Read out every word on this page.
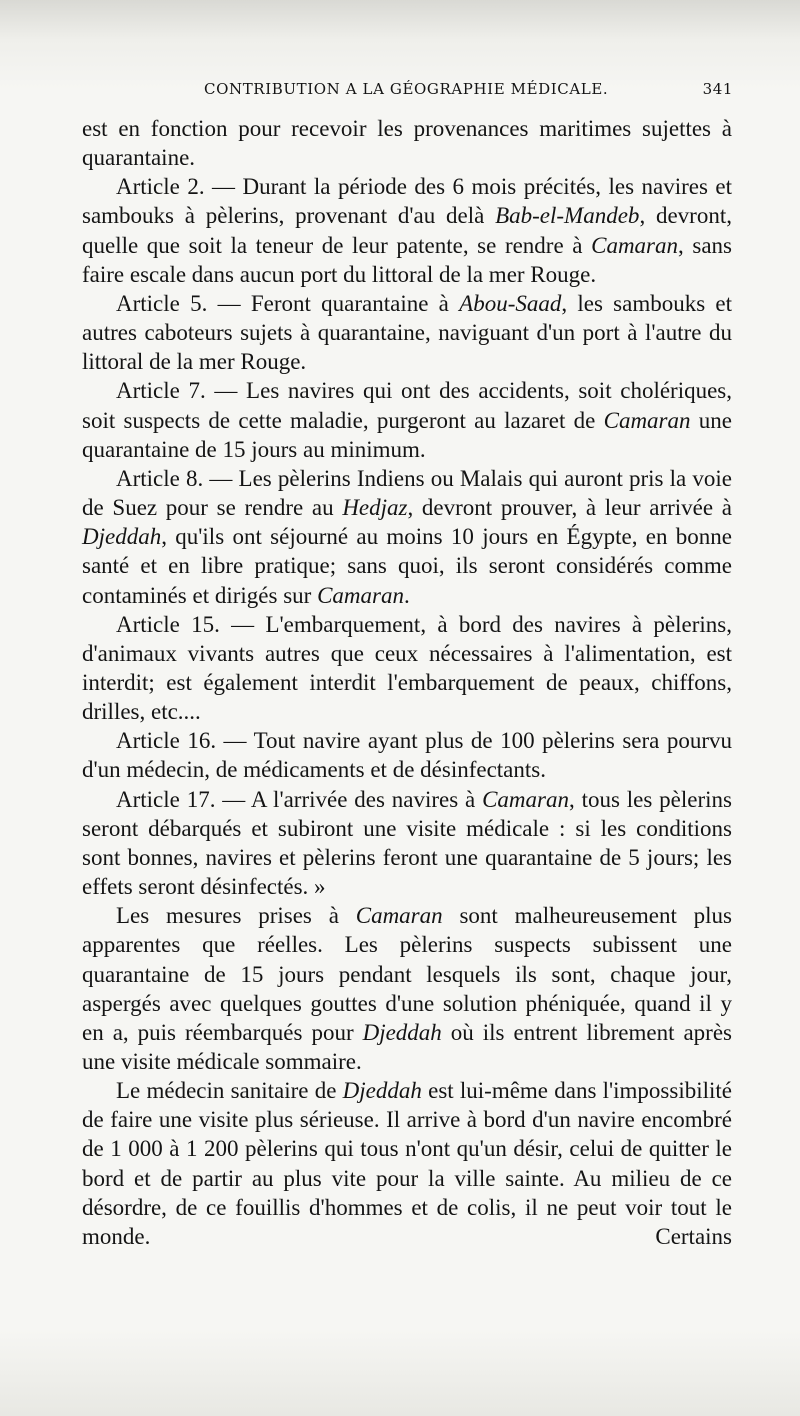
CONTRIBUTION A LA GÉOGRAPHIE MÉDICALE.	341

est en fonction pour recevoir les provenances maritimes sujettes à quarantaine.

Article 2. — Durant la période des 6 mois précités, les navires et sambouks à pèlerins, provenant d'au delà Bab-el-Mandeb, devront, quelle que soit la teneur de leur patente, se rendre à Camaran, sans faire escale dans aucun port du littoral de la mer Rouge.

Article 5. — Feront quarantaine à Abou-Saad, les sambouks et autres caboteurs sujets à quarantaine, naviguant d'un port à l'autre du littoral de la mer Rouge.

Article 7. — Les navires qui ont des accidents, soit cholériques, soit suspects de cette maladie, purgeront au lazaret de Camaran une quarantaine de 15 jours au minimum.

Article 8. — Les pèlerins Indiens ou Malais qui auront pris la voie de Suez pour se rendre au Hedjaz, devront prouver, à leur arrivée à Djeddah, qu'ils ont séjourné au moins 10 jours en Égypte, en bonne santé et en libre pratique; sans quoi, ils seront considérés comme contaminés et dirigés sur Camaran.

Article 15. — L'embarquement, à bord des navires à pèlerins, d'animaux vivants autres que ceux nécessaires à l'alimentation, est interdit; est également interdit l'embarquement de peaux, chiffons, drilles, etc....

Article 16. — Tout navire ayant plus de 100 pèlerins sera pourvu d'un médecin, de médicaments et de désinfectants.

Article 17. — A l'arrivée des navires à Camaran, tous les pèlerins seront débarqués et subiront une visite médicale : si les conditions sont bonnes, navires et pèlerins feront une quarantaine de 5 jours; les effets seront désinfectés. »

Les mesures prises à Camaran sont malheureusement plus apparentes que réelles. Les pèlerins suspects subissent une quarantaine de 15 jours pendant lesquels ils sont, chaque jour, aspergés avec quelques gouttes d'une solution phéniquée, quand il y en a, puis réembarqués pour Djeddah où ils entrent librement après une visite médicale sommaire.

Le médecin sanitaire de Djeddah est lui-même dans l'impossibilité de faire une visite plus sérieuse. Il arrive à bord d'un navire encombré de 1 000 à 1 200 pèlerins qui tous n'ont qu'un désir, celui de quitter le bord et de partir au plus vite pour la ville sainte. Au milieu de ce désordre, de ce fouillis d'hommes et de colis, il ne peut voir tout le monde. Certains
